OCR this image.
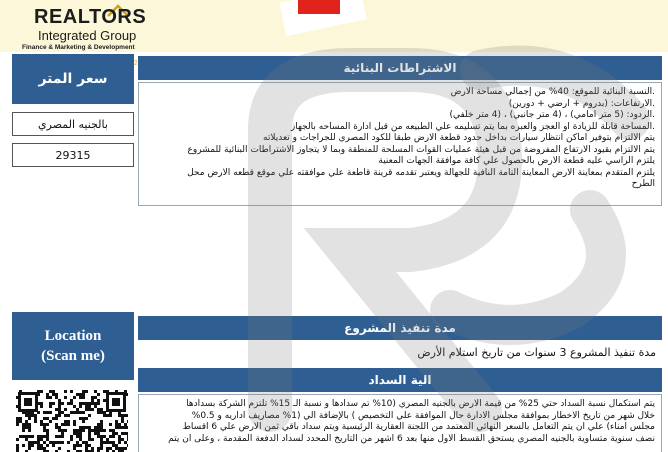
REALTORS
Integrated Group
Finance & Marketing & Development
سعر المتر
بالجنيه المصري
29315
الاشتراطات البنائية
.النسبة البنائية للموقع: 40% من إجمالي مساحة الأرض
.الارتفاعات: (بدروم + أرضي + دورين)
.الردود: (5 متر أمامي) ، (4 متر جانبي) ، (4 متر خلفي)
.المساحة قابلة للزيادة أو العجز والعبره بما يتم تسليمه علي الطبيعه من قبل ادارة المساحه بالجهاز
يتم الالتزام بتوفير اماكن انتظار سيارات بداخل حدود قطعة الارض طبقا للكود المصري للجراجات و تعديلاته
يتم الالتزام بقيود الارتفاع المفروضة من قبل هيئة عمليات القوات المسلحة للمنطقة وبما لا يتجاوز الاشتراطات البنائية للمشروع
يلتزم الراسي عليه قطعة الارض بالحصول علي كافة موافقة الجهات المعنية
يلتزم المتقدم بمعاينة الارض المعاينة التامة النافية للجهالة ويعتبر تقدمه قرينة قاطعة علي موافقته علي موقع قطعه الارض محل
الطرح
Location
(Scan me)
مدة تنفيذ المشروع
مدة تنفيذ المشروع 3 سنوات من تاريخ استلام الأرض
الية السداد
يتم استكمال نسبة السداد حتي 25% من قيمة الارض بالجنيه المصري (10% تم سدادها و نسبة الـ 15% تلتزم الشركة بسدادها
خلال شهر من تاريخ الاخطار بموافقة مجلس الادارة حال الموافقة علي التخصيص ) بالإضافة الي (1% مصاريف اداريه و 0.5%
مجلس أمناء) علي ان يتم التعامل بالسعر النهائي المعتمد من اللجنة العقارية الرئيسية ويتم سداد باقي ثمن الارض علي 6 اقساط
نصف سنوية متساوية بالجنيه المصري يستحق القسط الاول منها بعد 6 أشهر من التاريخ المحدد لسداد الدفعة المقدمة ، وعلى أن يتم
